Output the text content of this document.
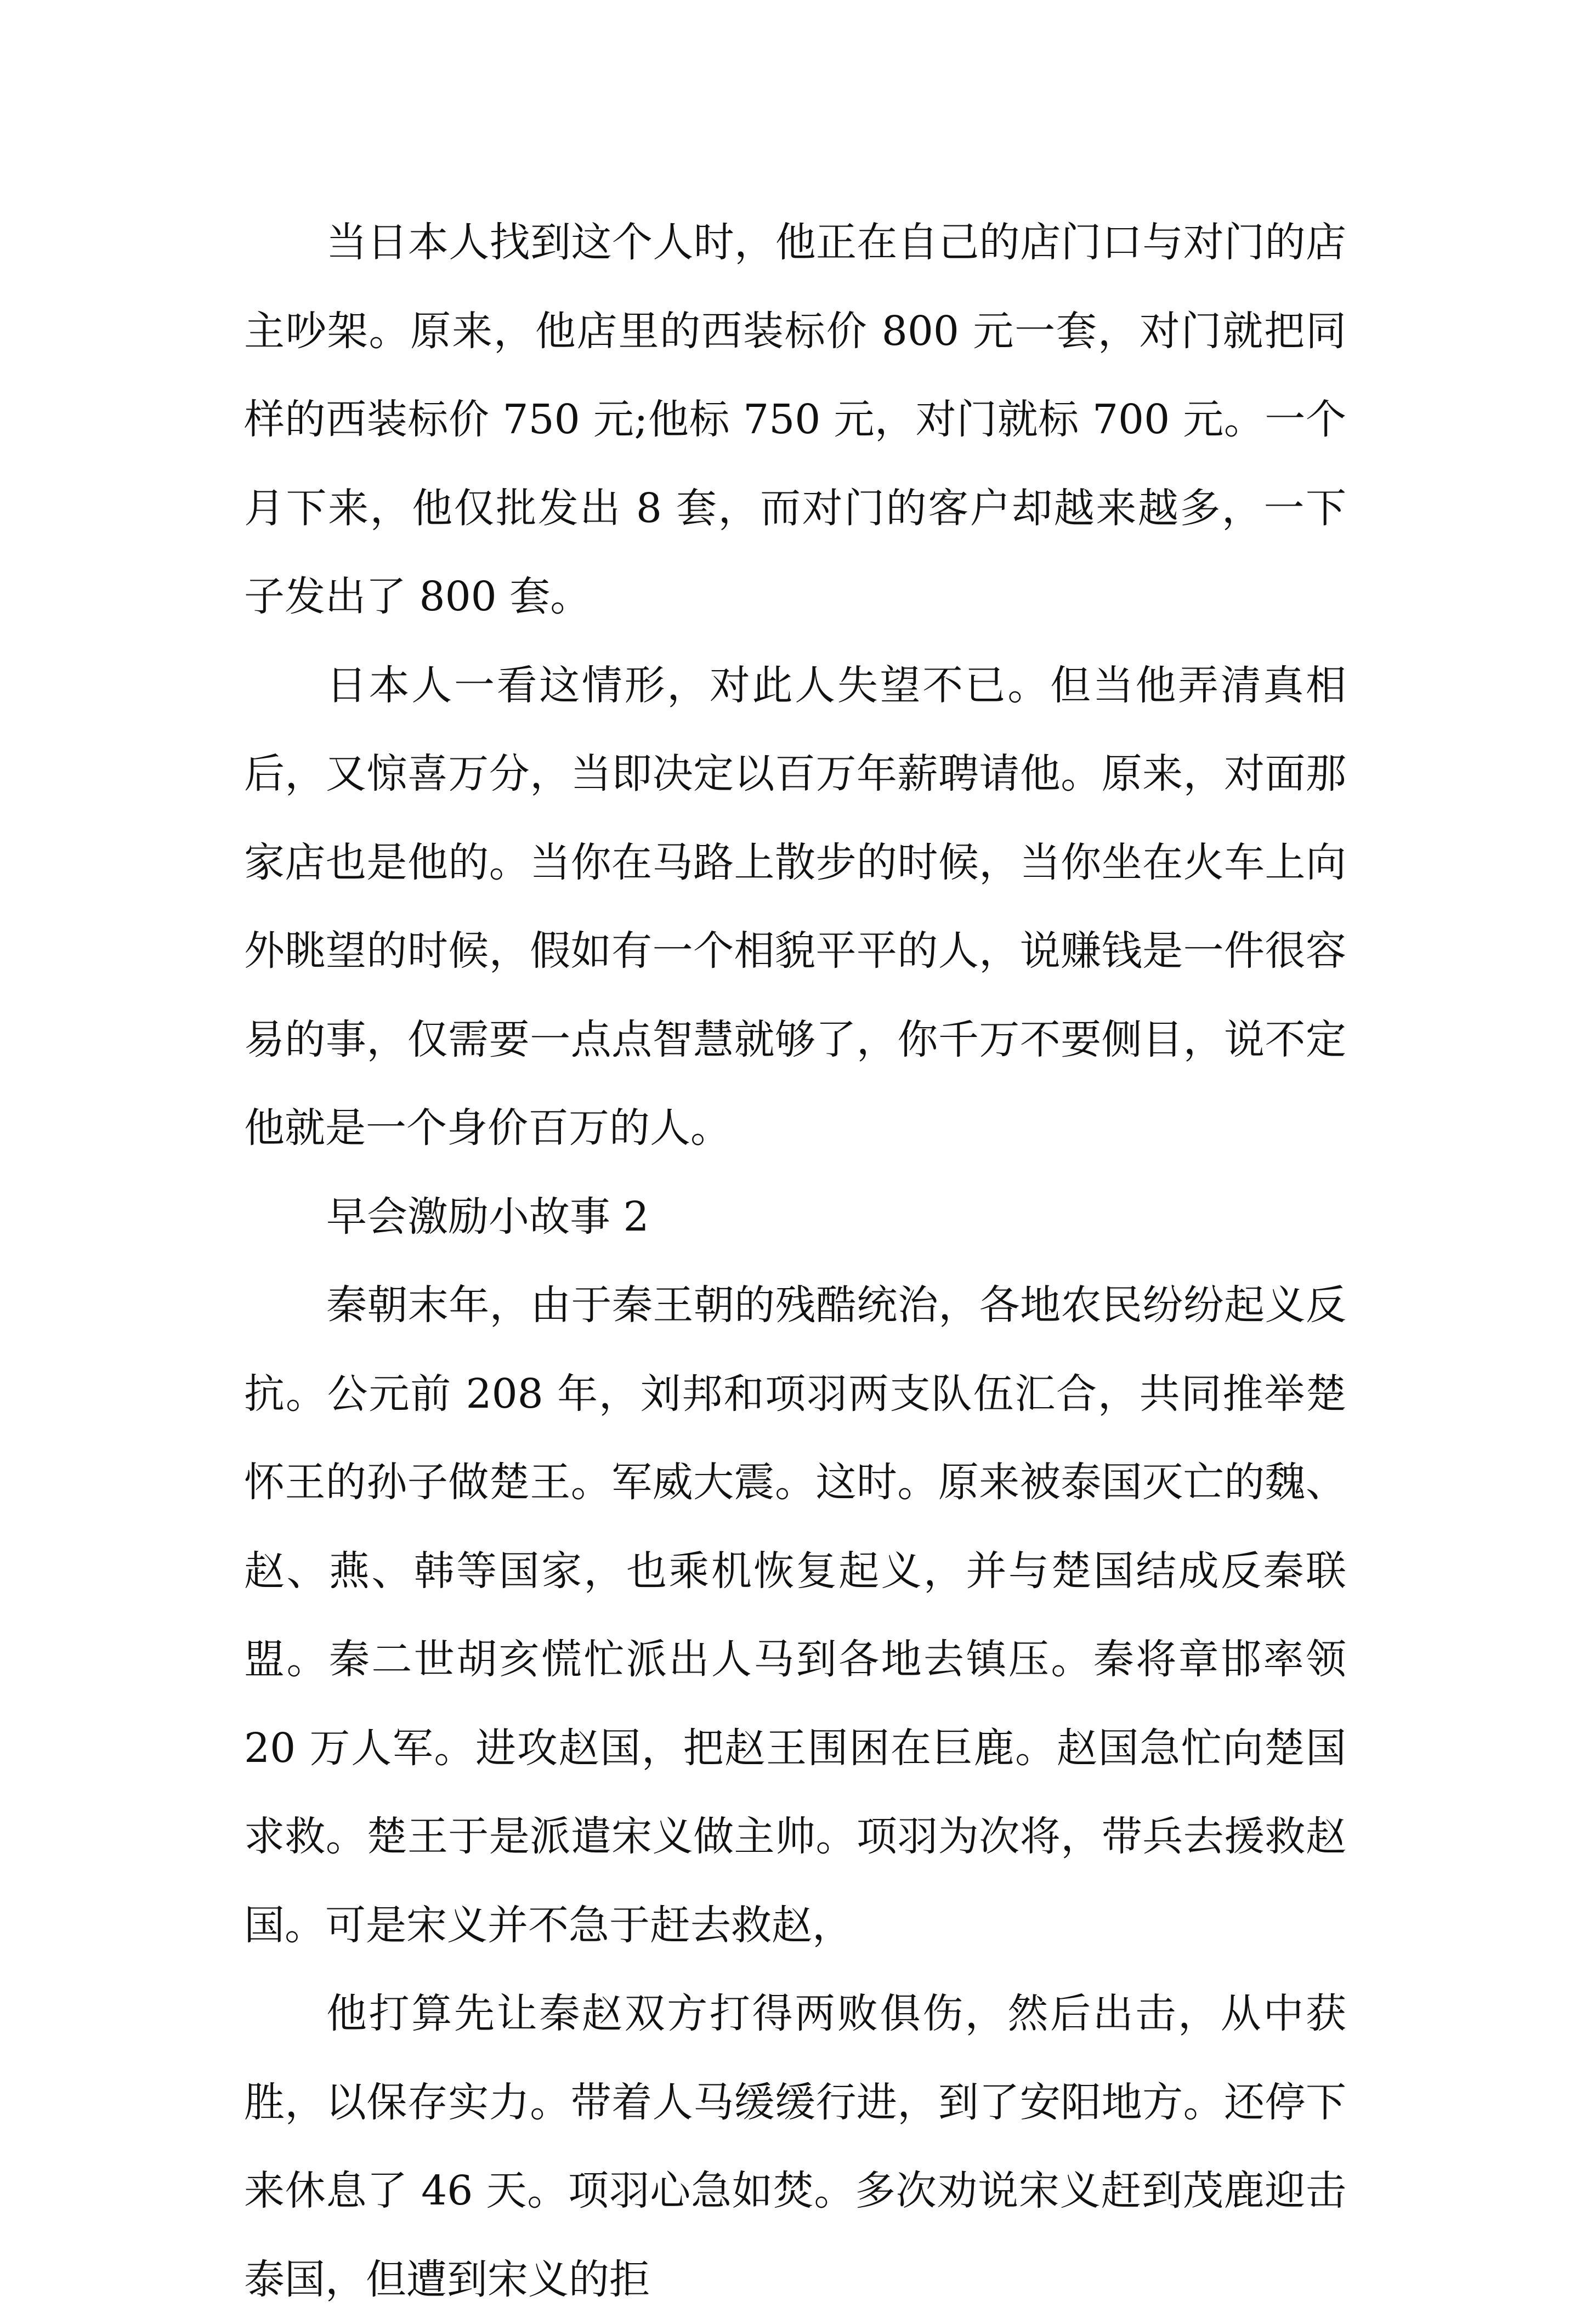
当日本人找到这个人时，他正在自己的店门口与对门的店主吵架。原来，他店里的西装标价 800 元一套，对门就把同样的西装标价 750 元;他标 750 元，对门就标 700 元。一个月下来，他仅批发出 8 套，而对门的客户却越来越多，一下子发出了 800 套。

日本人一看这情形，对此人失望不已。但当他弄清真相后，又惊喜万分，当即决定以百万年薪聘请他。原来，对面那家店也是他的。当你在马路上散步的时候，当你坐在火车上向外眺望的时候，假如有一个相貌平平的人，说赚钱是一件很容易的事，仅需要一点点智慧就够了，你千万不要侧目，说不定他就是一个身价百万的人。

早会激励小故事 2

秦朝末年，由于秦王朝的残酷统治，各地农民纷纷起义反抗。公元前 208 年，刘邦和项羽两支队伍汇合，共同推举楚怀王的孙子做楚王。军威大震。这时。原来被泰国灭亡的魏、赵、燕、韩等国家，也乘机恢复起义，并与楚国结成反秦联盟。秦二世胡亥慌忙派出人马到各地去镇压。秦将章邯率领 20 万人军。进攻赵国，把赵王围困在巨鹿。赵国急忙向楚国求救。楚王于是派遣宋义做主帅。项羽为次将，带兵去援救赵国。可是宋义并不急于赶去救赵，

他打算先让秦赵双方打得两败俱伤，然后出击，从中获胜，以保存实力。带着人马缓缓行进，到了安阳地方。还停下来休息了 46 天。项羽心急如焚。多次劝说宋义赶到茂鹿迎击泰国，但遭到宋义的拒
